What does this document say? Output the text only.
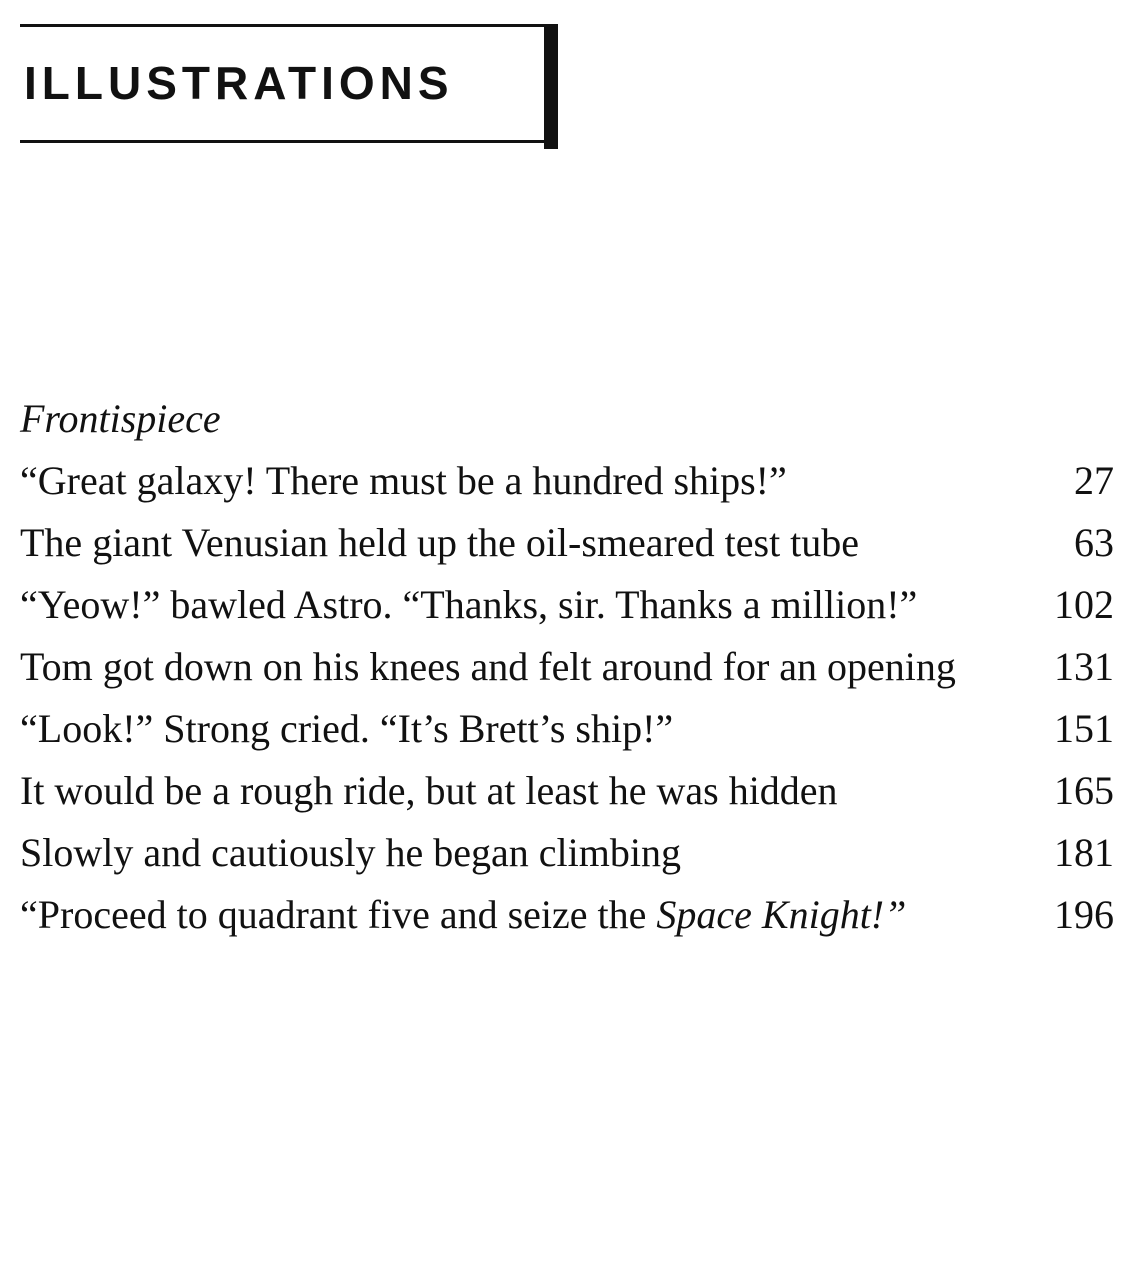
ILLUSTRATIONS
Frontispiece
“Great galaxy! There must be a hundred ships!”	27
The giant Venusian held up the oil-smeared test tube	63
“Yeow!” bawled Astro. “Thanks, sir. Thanks a million!”	102
Tom got down on his knees and felt around for an opening	131
“Look!” Strong cried. “It’s Brett’s ship!”	151
It would be a rough ride, but at least he was hidden	165
Slowly and cautiously he began climbing	181
“Proceed to quadrant five and seize the Space Knight!”	196
